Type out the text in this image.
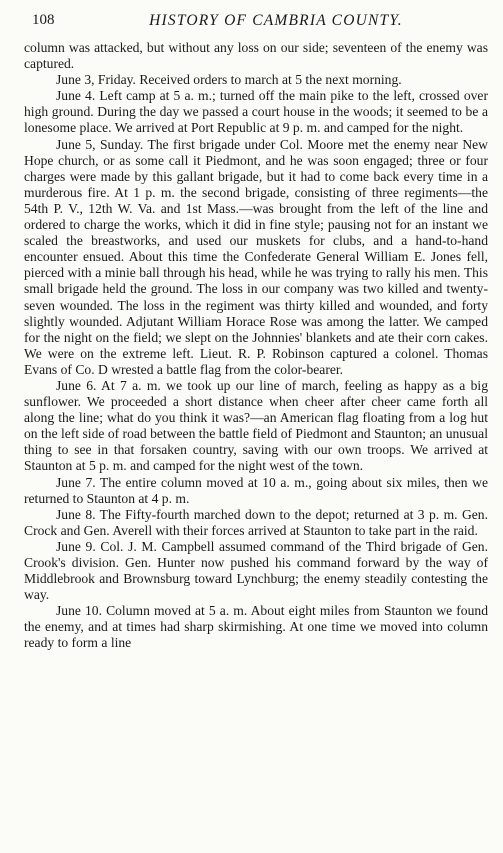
108	HISTORY OF CAMBRIA COUNTY.

column was attacked, but without any loss on our side; seventeen of the enemy was captured.

June 3, Friday. Received orders to march at 5 the next morning.

June 4. Left camp at 5 a. m.; turned off the main pike to the left, crossed over high ground. During the day we passed a court house in the woods; it seemed to be a lonesome place. We arrived at Port Republic at 9 p. m. and camped for the night.

June 5, Sunday. The first brigade under Col. Moore met the enemy near New Hope church, or as some call it Piedmont, and he was soon engaged; three or four charges were made by this gallant brigade, but it had to come back every time in a murderous fire. At 1 p. m. the second brigade, consisting of three regiments—the 54th P. V., 12th W. Va. and 1st Mass.—was brought from the left of the line and ordered to charge the works, which it did in fine style; pausing not for an instant we scaled the breastworks, and used our muskets for clubs, and a hand-to-hand encounter ensued. About this time the Confederate General William E. Jones fell, pierced with a minie ball through his head, while he was trying to rally his men. This small brigade held the ground. The loss in our company was two killed and twenty-seven wounded. The loss in the regiment was thirty killed and wounded, and forty slightly wounded. Adjutant William Horace Rose was among the latter. We camped for the night on the field; we slept on the Johnnies' blankets and ate their corn cakes. We were on the extreme left. Lieut. R. P. Robinson captured a colonel. Thomas Evans of Co. D wrested a battle flag from the color-bearer.

June 6. At 7 a. m. we took up our line of march, feeling as happy as a big sunflower. We proceeded a short distance when cheer after cheer came forth all along the line; what do you think it was?—an American flag floating from a log hut on the left side of road between the battle field of Piedmont and Staunton; an unusual thing to see in that forsaken country, saving with our own troops. We arrived at Staunton at 5 p. m. and camped for the night west of the town.

June 7. The entire column moved at 10 a. m., going about six miles, then we returned to Staunton at 4 p. m.

June 8. The Fifty-fourth marched down to the depot; returned at 3 p. m. Gen. Crock and Gen. Averell with their forces arrived at Staunton to take part in the raid.

June 9. Col. J. M. Campbell assumed command of the Third brigade of Gen. Crook's division. Gen. Hunter now pushed his command forward by the way of Middlebrook and Brownsburg toward Lynchburg; the enemy steadily contesting the way.

June 10. Column moved at 5 a. m. About eight miles from Staunton we found the enemy, and at times had sharp skirmishing. At one time we moved into column ready to form a line
